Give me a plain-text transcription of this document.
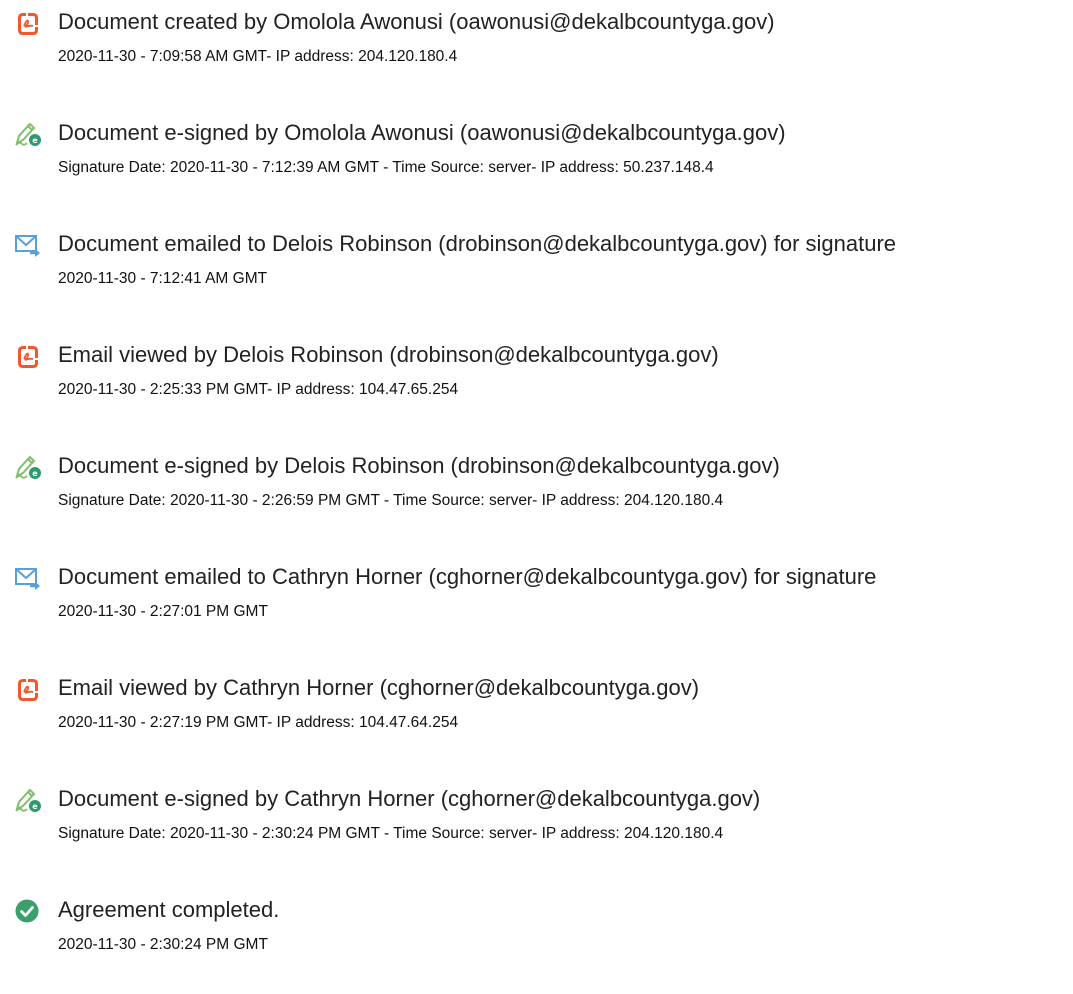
Document created by Omolola Awonusi (oawonusi@dekalbcountyga.gov)
2020-11-30 - 7:09:58 AM GMT- IP address: 204.120.180.4
e Document e-signed by Omolola Awonusi (oawonusi@dekalbcountyga.gov)
Signature Date: 2020-11-30 - 7:12:39 AM GMT - Time Source: server- IP address: 50.237.148.4
Document emailed to Delois Robinson (drobinson@dekalbcountyga.gov) for signature
2020-11-30 - 7:12:41 AM GMT
Email viewed by Delois Robinson (drobinson@dekalbcountyga.gov)
2020-11-30 - 2:25:33 PM GMT- IP address: 104.47.65.254
e Document e-signed by Delois Robinson (drobinson@dekalbcountyga.gov)
Signature Date: 2020-11-30 - 2:26:59 PM GMT - Time Source: server- IP address: 204.120.180.4
Document emailed to Cathryn Horner (cghorner@dekalbcountyga.gov) for signature
2020-11-30 - 2:27:01 PM GMT
Email viewed by Cathryn Horner (cghorner@dekalbcountyga.gov)
2020-11-30 - 2:27:19 PM GMT- IP address: 104.47.64.254
e Document e-signed by Cathryn Horner (cghorner@dekalbcountyga.gov)
Signature Date: 2020-11-30 - 2:30:24 PM GMT - Time Source: server- IP address: 204.120.180.4
Agreement completed.
2020-11-30 - 2:30:24 PM GMT
